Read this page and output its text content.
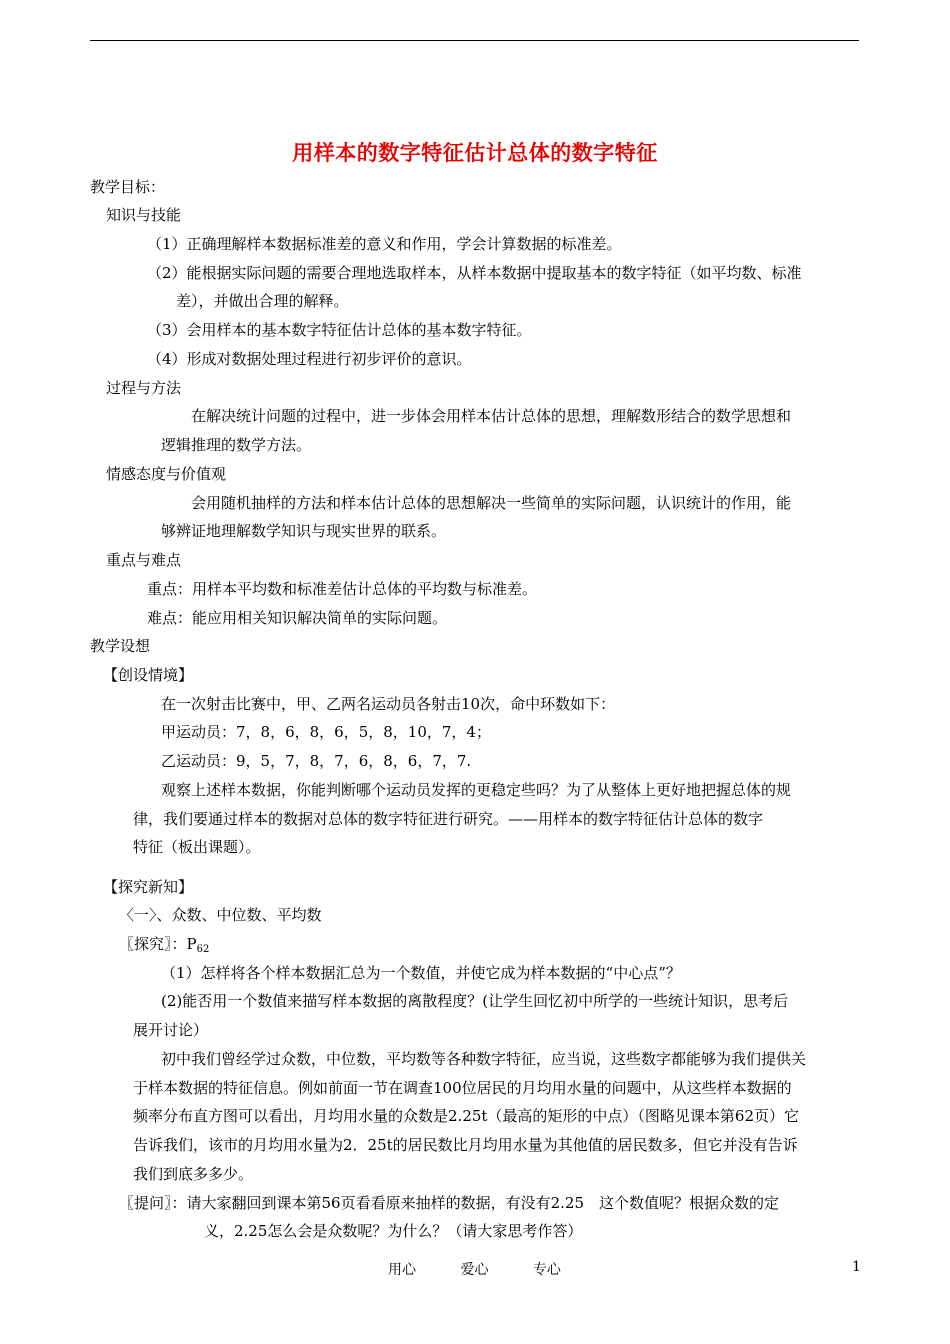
用样本的数字特征估计总体的数字特征
教学目标：
知识与技能
（1）正确理解样本数据标准差的意义和作用，学会计算数据的标准差。
（2）能根据实际问题的需要合理地选取样本，从样本数据中提取基本的数字特征（如平均数、标准
差），并做出合理的解释。
（3）会用样本的基本数字特征估计总体的基本数字特征。
（4）形成对数据处理过程进行初步评价的意识。
过程与方法
在解决统计问题的过程中，进一步体会用样本估计总体的思想，理解数形结合的数学思想和
逻辑推理的数学方法。
情感态度与价值观
会用随机抽样的方法和样本估计总体的思想解决一些简单的实际问题，认识统计的作用，能
够辨证地理解数学知识与现实世界的联系。
重点与难点
重点：用样本平均数和标准差估计总体的平均数与标准差。
难点：能应用相关知识解决简单的实际问题。
教学设想
【创设情境】
在一次射击比赛中，甲、乙两名运动员各射击10次，命中环数如下：
甲运动员：7，8，6，8，6，5，8，10，7，4；
乙运动员：9，5，7，8，7，6，8，6，7，7.
观察上述样本数据，你能判断哪个运动员发挥的更稳定些吗？为了从整体上更好地把握总体的规
律，我们要通过样本的数据对总体的数字特征进行研究。——用样本的数字特征估计总体的数字
特征（板出课题）。
【探究新知】
〈一〉、众数、中位数、平均数
〖探究〗：$P_{62}$
（1）怎样将各个样本数据汇总为一个数值，并使它成为样本数据的“中心点”？
(2)能否用一个数值来描写样本数据的离散程度？(让学生回忆初中所学的一些统计知识，思考后
展开讨论）
初中我们曾经学过众数，中位数，平均数等各种数字特征，应当说，这些数字都能够为我们提供关
于样本数据的特征信息。例如前面一节在调查100位居民的月均用水量的问题中，从这些样本数据的
频率分布直方图可以看出，月均用水量的众数是2.25t（最高的矩形的中点）（图略见课本第62页）它
告诉我们，该市的月均用水量为2．25t的居民数比月均用水量为其他值的居民数多，但它并没有告诉
我们到底多多少。
〖提问〗：请大家翻回到课本第56页看看原来抽样的数据，有没有2.25　这个数值呢？根据众数的定
义，2.25怎么会是众数呢？为什么？（请大家思考作答）
用心	爱心	专心	1
